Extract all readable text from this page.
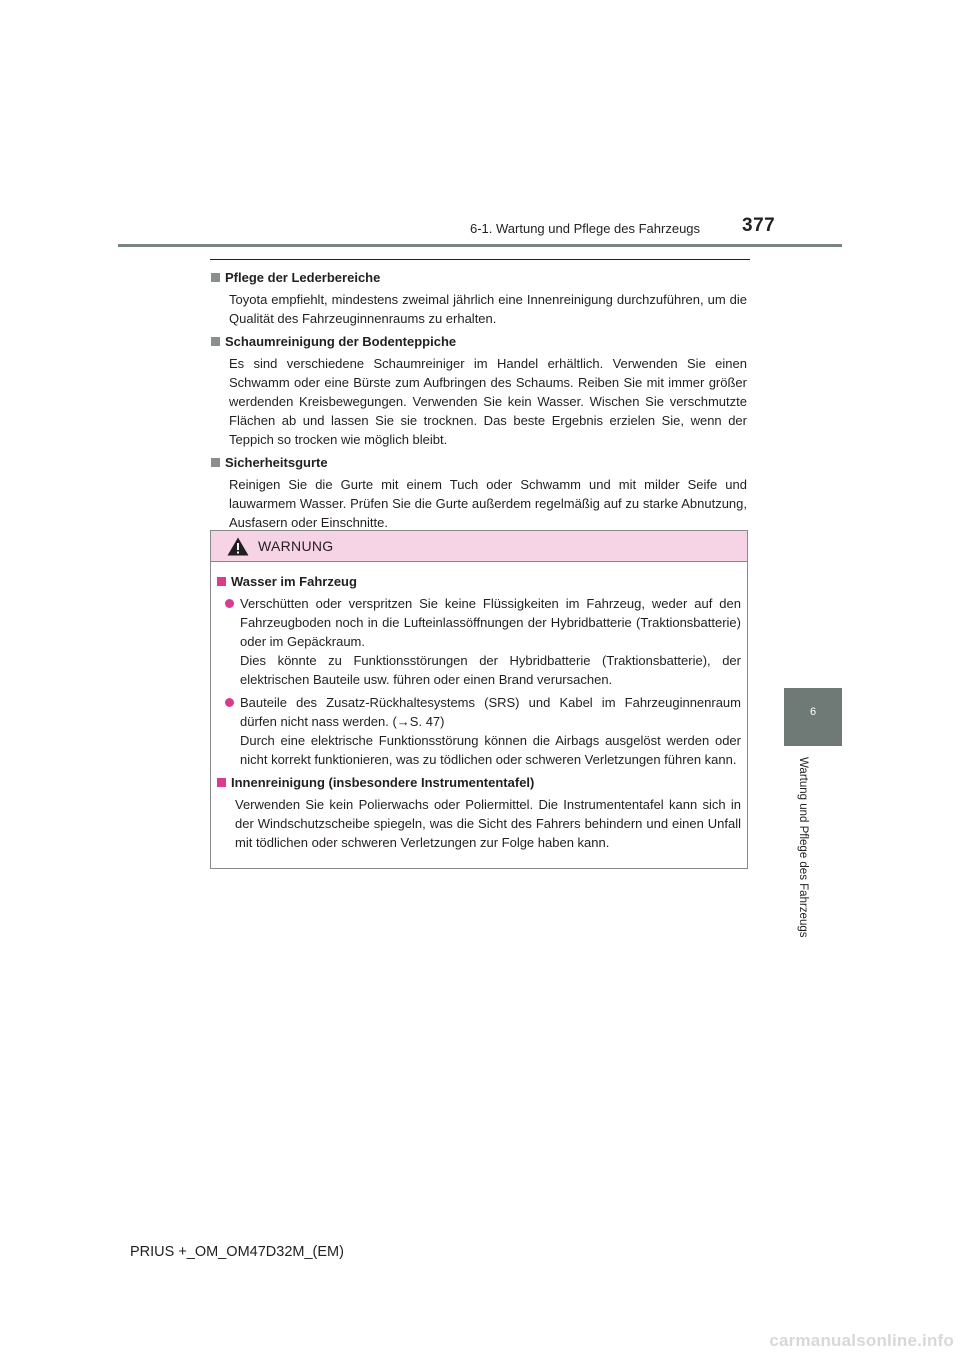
6-1. Wartung und Pflege des Fahrzeugs 377
6
Wartung und Pflege des Fahrzeugs
Pflege der Lederbereiche

Toyota empfiehlt, mindestens zweimal jährlich eine Innenreinigung durchzuführen, um die Qualität des Fahrzeuginnenraums zu erhalten.

Schaumreinigung der Bodenteppiche

Es sind verschiedene Schaumreiniger im Handel erhältlich. Verwenden Sie einen Schwamm oder eine Bürste zum Aufbringen des Schaums. Reiben Sie mit immer größer werdenden Kreisbewegungen. Verwenden Sie kein Wasser. Wischen Sie verschmutzte Flächen ab und lassen Sie sie trocknen. Das beste Ergebnis erzielen Sie, wenn der Teppich so trocken wie möglich bleibt.

Sicherheitsgurte

Reinigen Sie die Gurte mit einem Tuch oder Schwamm und mit milder Seife und lauwarmem Wasser. Prüfen Sie die Gurte außerdem regelmäßig auf zu starke Abnutzung, Ausfasern oder Einschnitte.

WARNUNG
Wasser im Fahrzeug
Verschütten oder verspritzen Sie keine Flüssigkeiten im Fahrzeug, weder auf den Fahrzeugboden noch in die Lufteinlassöffnungen der Hybridbatterie (Traktionsbatterie) oder im Gepäckraum.
Dies könnte zu Funktionsstörungen der Hybridbatterie (Traktionsbatterie), der elektrischen Bauteile usw. führen oder einen Brand verursachen.
Bauteile des Zusatz-Rückhaltesystems (SRS) und Kabel im Fahrzeuginnenraum dürfen nicht nass werden. (→S. 47)
Durch eine elektrische Funktionsstörung können die Airbags ausgelöst werden oder nicht korrekt funktionieren, was zu tödlichen oder schweren Verletzungen führen kann.
Innenreinigung (insbesondere Instrumententafel)

Verwenden Sie kein Polierwachs oder Poliermittel. Die Instrumententafel kann sich in der Windschutzscheibe spiegeln, was die Sicht des Fahrers behindern und einen Unfall mit tödlichen oder schweren Verletzungen zur Folge haben kann.

PRIUS +_OM_OM47D32M_(EM)
carmanualsonline.info
